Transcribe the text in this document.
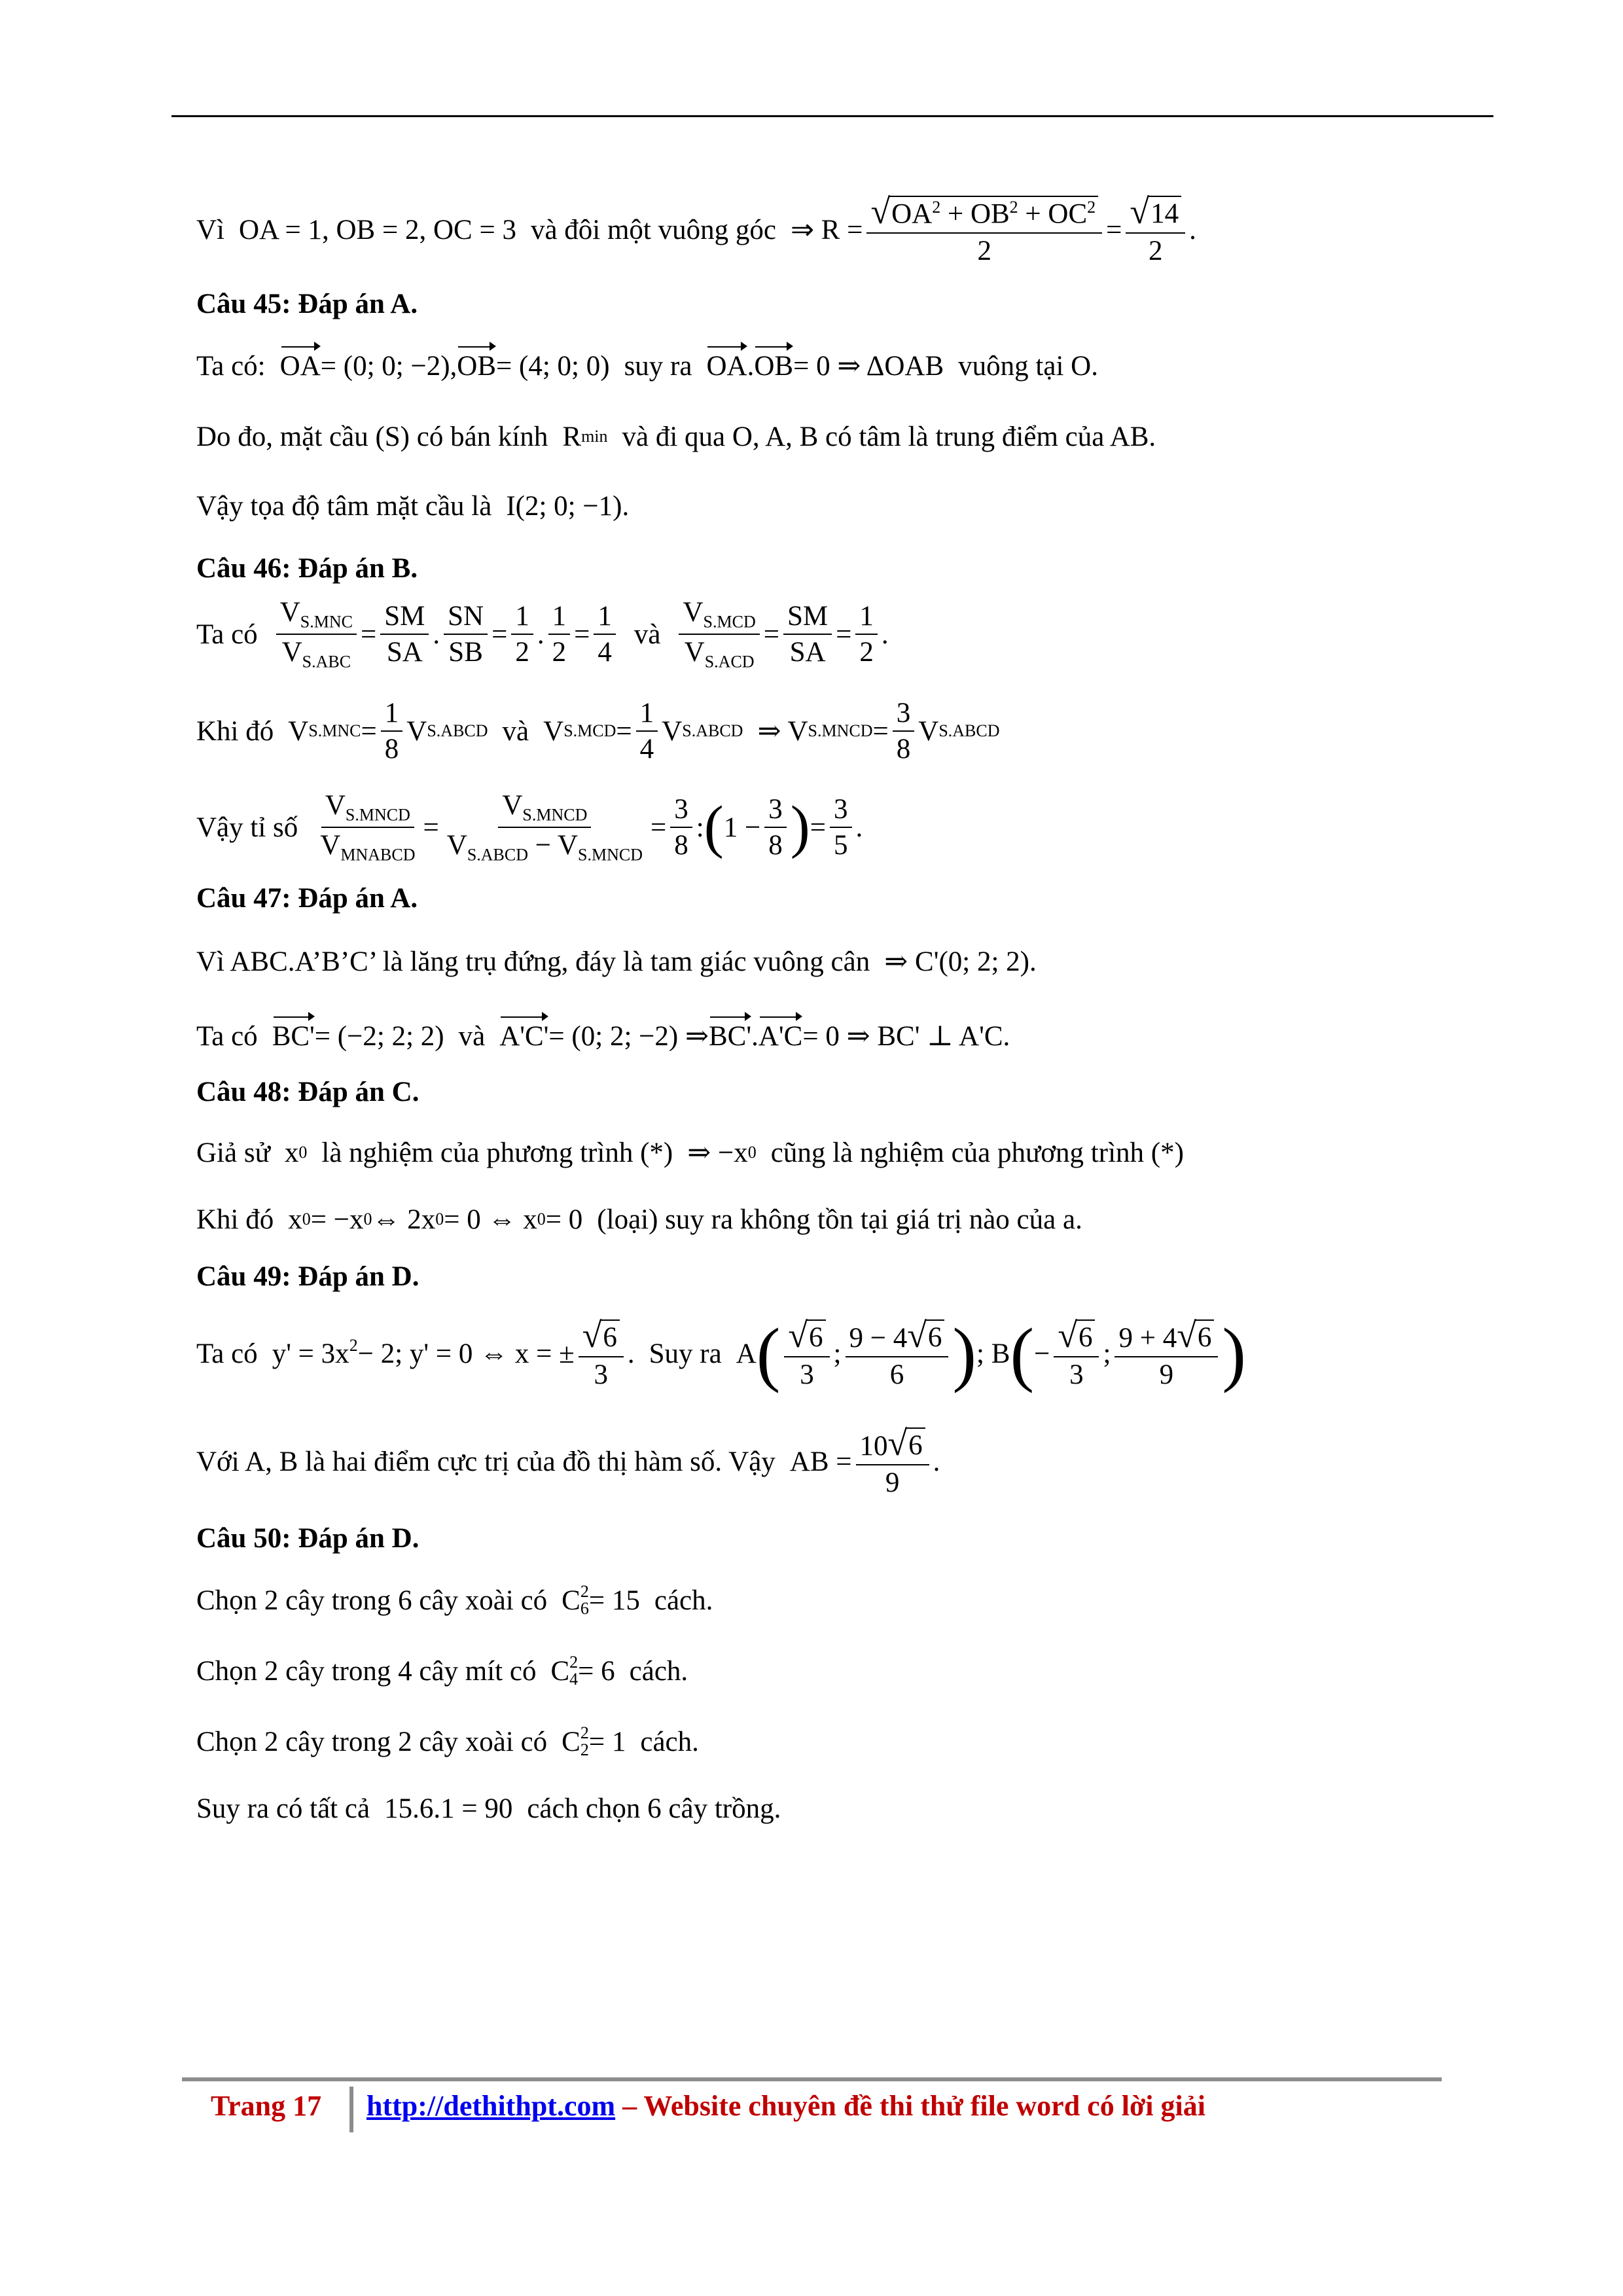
Vì OA = 1, OB = 2, OC = 3 và đôi một vuông góc ⇒ $R = \frac{√ OA^2 + OB^2 + OC^2}{2} = \frac{√ 14}{2}$ .
Câu 45: Đáp án A.
Ta có: OA = (0; 0; −2), OB = (4; 0; 0) suy ra OA . OB = 0 ⇒ ΔOAB vuông tại O.
Do đo, mặt cầu (S) có bán kính R min và đi qua O, A, B có tâm là trung điểm của AB.
Vậy tọa độ tâm mặt cầu là I(2; 0; −1).
Câu 46: Đáp án B.
Ta có $\frac{V_{S.MNC}}{V_{S.ABC}} = \frac{SM}{SA}$ . $\frac{SN}{SB} = \frac{1}{2}$ . $\frac{1}{2} = \frac{1}{4}$ và $\frac{V_{S.MCD}}{V_{S.ACD}} = \frac{SM}{SA} = \frac{1}{2}$ .
Khi đó V $S.MNC = \frac{1}{8}$ V S.ABCD và V $S.MCD = \frac{1}{4}$ V S.ABCD ⇒ V S.MNCD = $\frac{3}{8}$ V S.ABCD
Vậy tỉ số $\frac{V_{S.MNCD}}{V_{MNABCD}} = \frac{V_{S.MNCD}}{V_{S.ABCD} - V_{S.MNCD}} = \frac{3}{8}$ : ( $1 - \frac{3}{8}$ ) = $\frac{3}{5}$ .
Câu 47: Đáp án A.
Vì ABC.A’B’C’ là lăng trụ đứng, đáy là tam giác vuông cân ⇒ C'(0; 2; 2).
Ta có BC' = (−2; 2; 2) và A'C' = (0; 2; −2) ⇒ BC' . A'C = 0 ⇒ BC' ⊥ A'C.
Câu 48: Đáp án C.
Giả sử x 0 là nghiệm của phương trình (*) ⇒ −x 0 cũng là nghiệm của phương trình (*)
Khi đó x 0 = −x 0 ⇔ 2x 0 = 0 ⇔ x 0 = 0 (loại) suy ra không tồn tại giá trị nào của a.
Câu 49: Đáp án D.
Ta có $y' = 3x^2 - 2$; y' = 0 ⇔ x = ± $\frac{√ 6}{3}$ . Suy ra A ( $\frac{√ 6}{3}$ ; $\frac{9 - 4 √ 6}{6}$ ) ; B ( − $\frac{√ 6}{3}$ ; $\frac{9 + 4 √ 6}{9}$ )
Với A, B là hai điểm cực trị của đồ thị hàm số. Vậy AB = $\frac{10 √ 6}{9}$ .
Câu 50: Đáp án D.
Chọn 2 cây trong 6 cây xoài có C 2
6 = 15 cách.
Chọn 2 cây trong 4 cây mít có C 2
4 = 6 cách.
Chọn 2 cây trong 2 cây xoài có C 2
2 = 1 cách.
Suy ra có tất cả 15.6.1 = 90 cách chọn 6 cây trồng.
Trang 17 http://dethithpt.com – Website chuyên đề thi thử file word có lời giải
